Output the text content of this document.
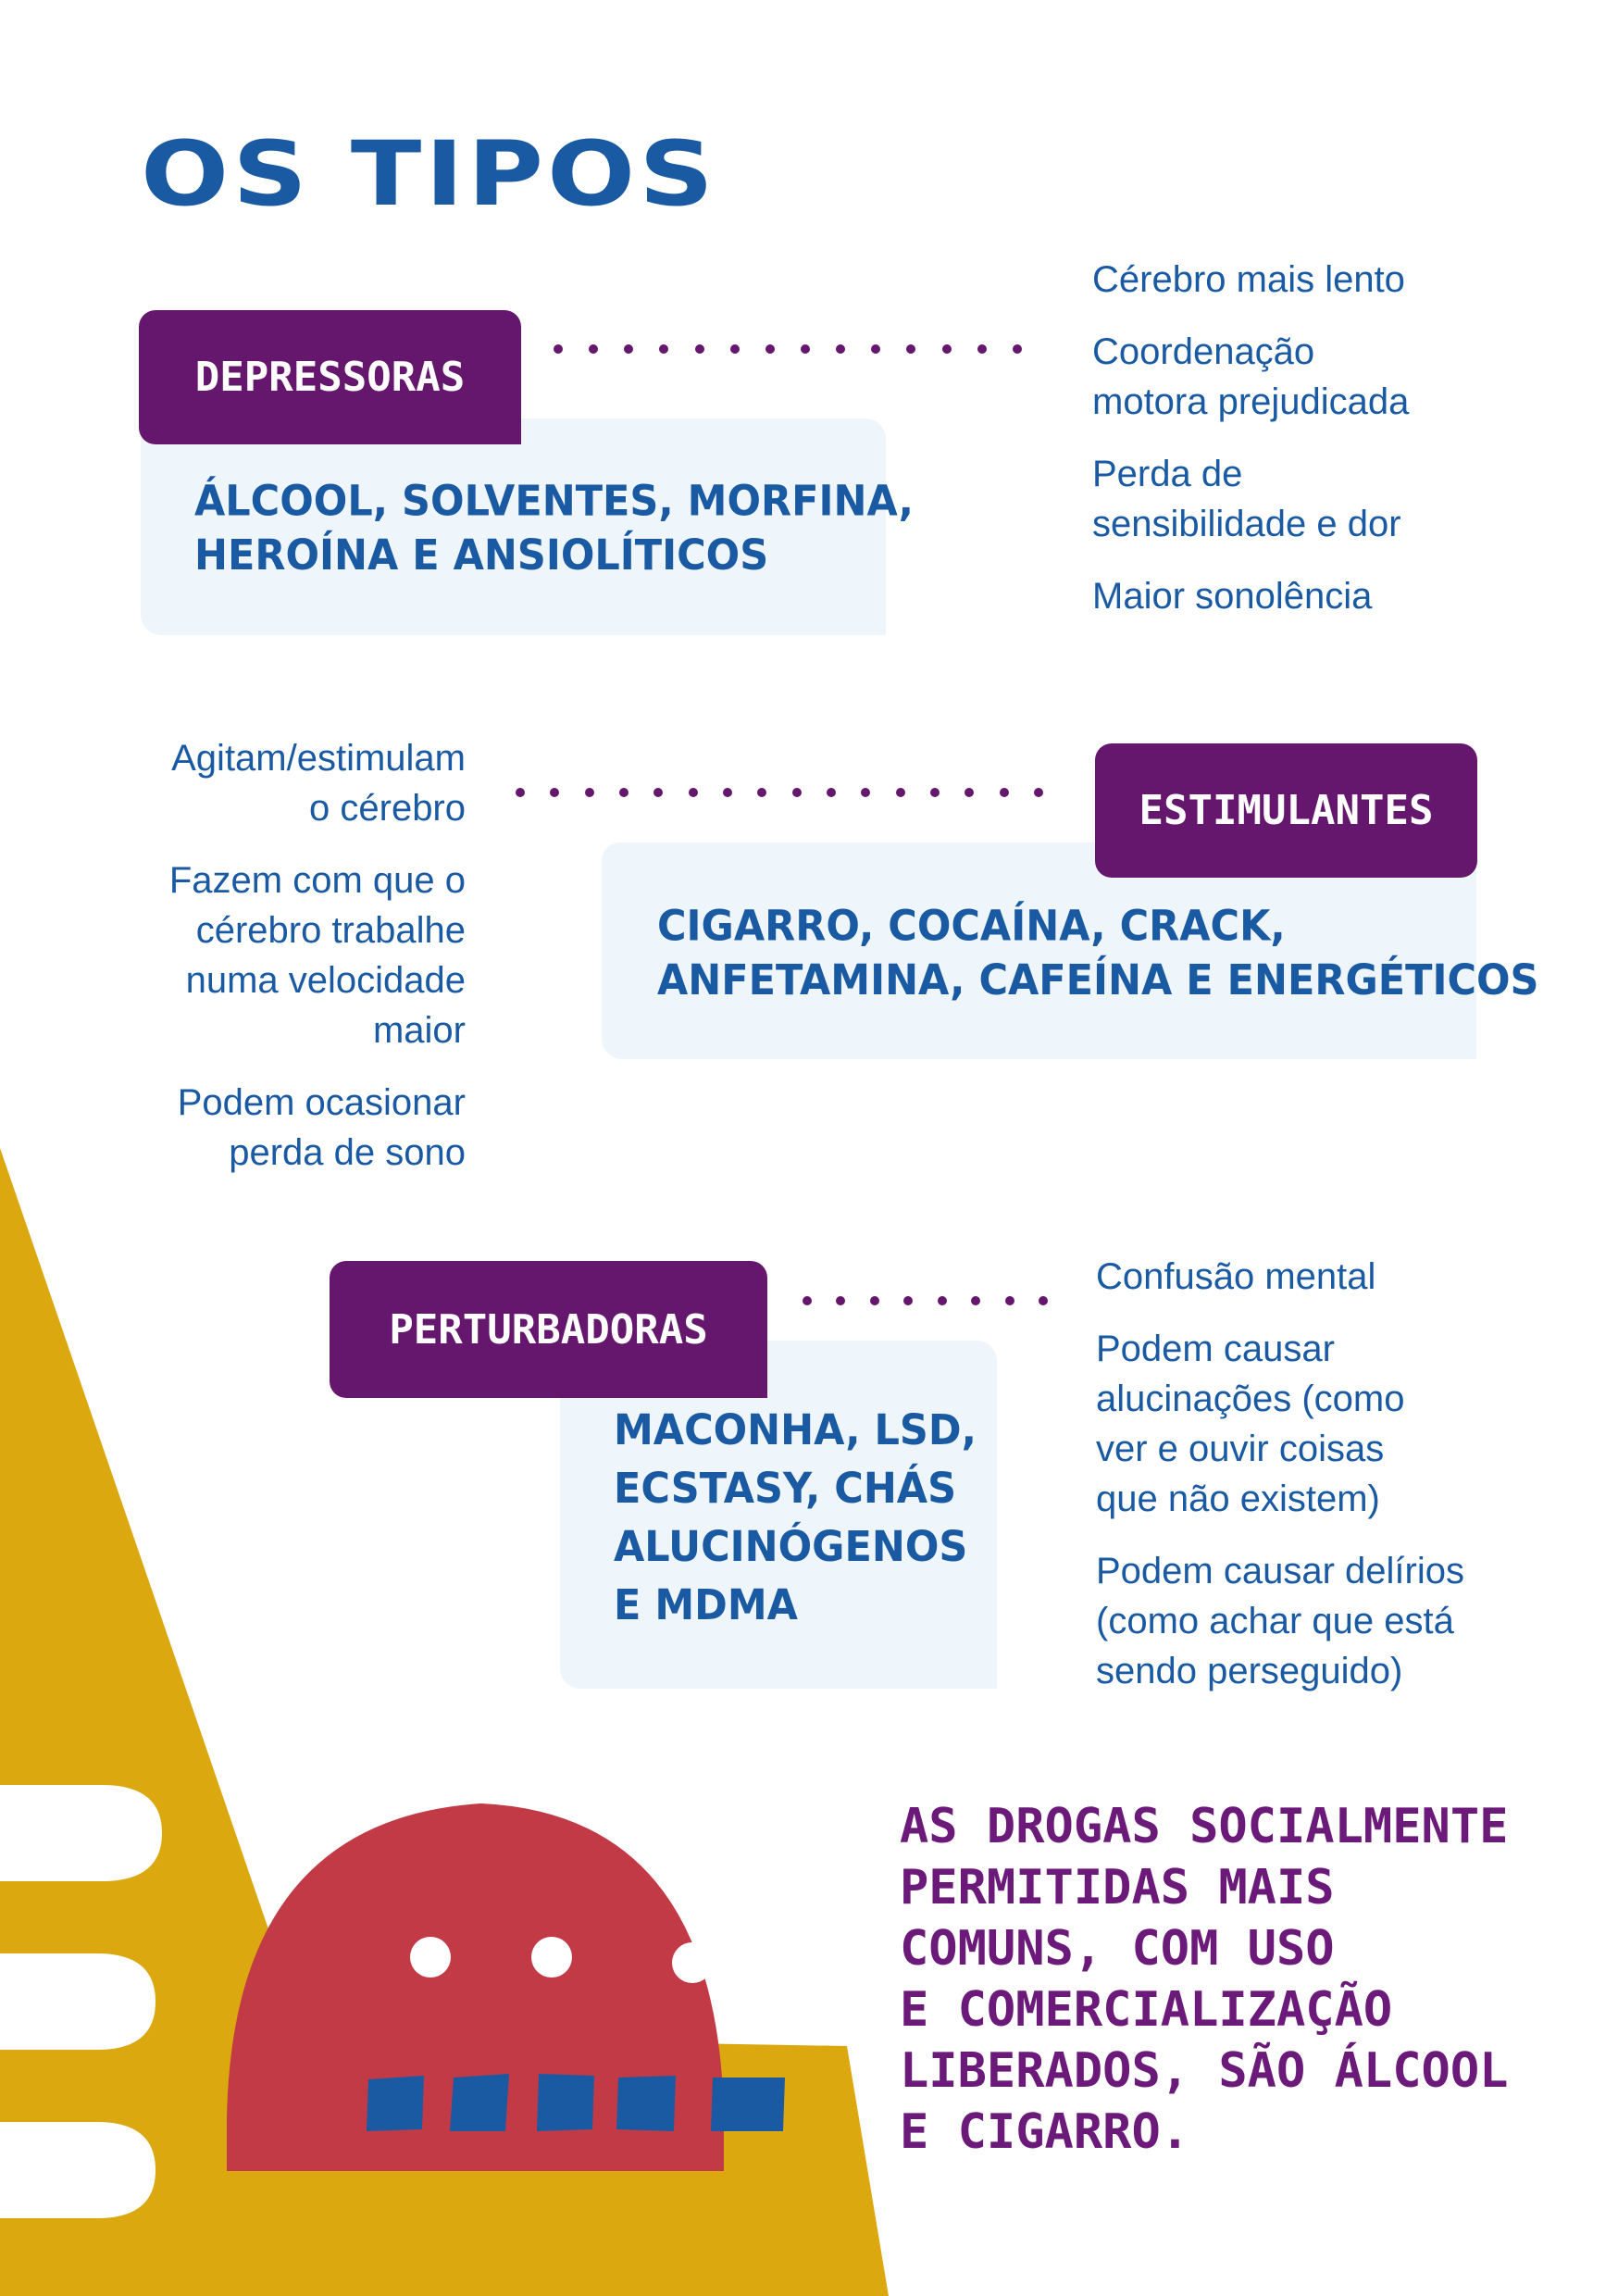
OS TIPOS
DEPRESSORAS
ÁLCOOL, SOLVENTES, MORFINA,
HEROÍNA E ANSIOLÍTICOS

Cérebro mais lento

Coordenação
motora prejudicada

Perda de
sensibilidade e dor

Maior sonolência

ESTIMULANTES
CIGARRO, COCAÍNA, CRACK,
ANFETAMINA, CAFEÍNA E ENERGÉTICOS

Agitam/estimulam
o cérebro

Fazem com que o
cérebro trabalhe
numa velocidade
maior

Podem ocasionar
perda de sono

PERTURBADORAS
MACONHA, LSD,
ECSTASY, CHÁS
ALUCINÓGENOS
E MDMA

Confusão mental

Podem causar
alucinações (como
ver e ouvir coisas
que não existem)

Podem causar delírios
(como achar que está
sendo perseguido)

AS DROGAS SOCIALMENTE

PERMITIDAS MAIS

COMUNS, COM USO

E COMERCIALIZAÇÃO

LIBERADOS, SÃO ÁLCOOL

E CIGARRO.
